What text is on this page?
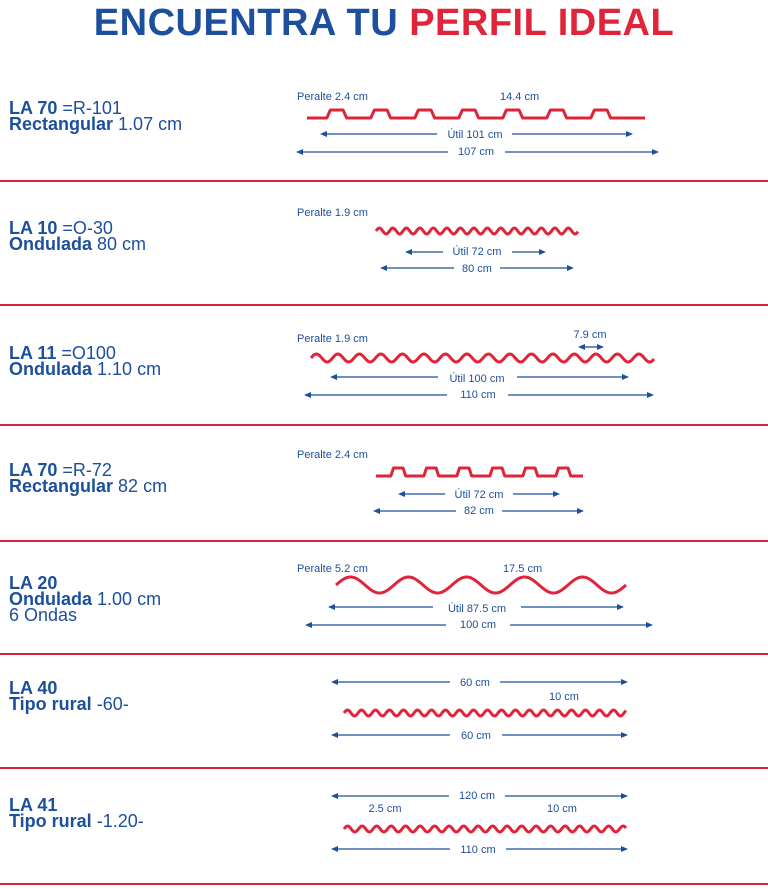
ENCUENTRA TU PERFIL IDEAL
LA 70 =R-101
Rectangular 1.07 cm
Peralte 2.4 cm	14.4 cm
Útil 101 cm
107 cm
LA 10 =O-30
Ondulada 80 cm
Peralte 1.9 cm
Útil 72 cm
80 cm
LA 11 =O100
Ondulada 1.10 cm
Peralte 1.9 cm	7.9 cm
Útil 100 cm
110 cm
LA 70 =R-72
Rectangular 82 cm
Peralte 2.4 cm
Útil 72 cm
82 cm
LA 20
Ondulada 1.00 cm
6 Ondas
Peralte 5.2 cm	17.5 cm
Útil 87.5 cm
100 cm
LA 40
Tipo rural -60-
60 cm
10 cm
60 cm
LA 41
Tipo rural -1.20-
120 cm
2.5 cm	10 cm
110 cm
